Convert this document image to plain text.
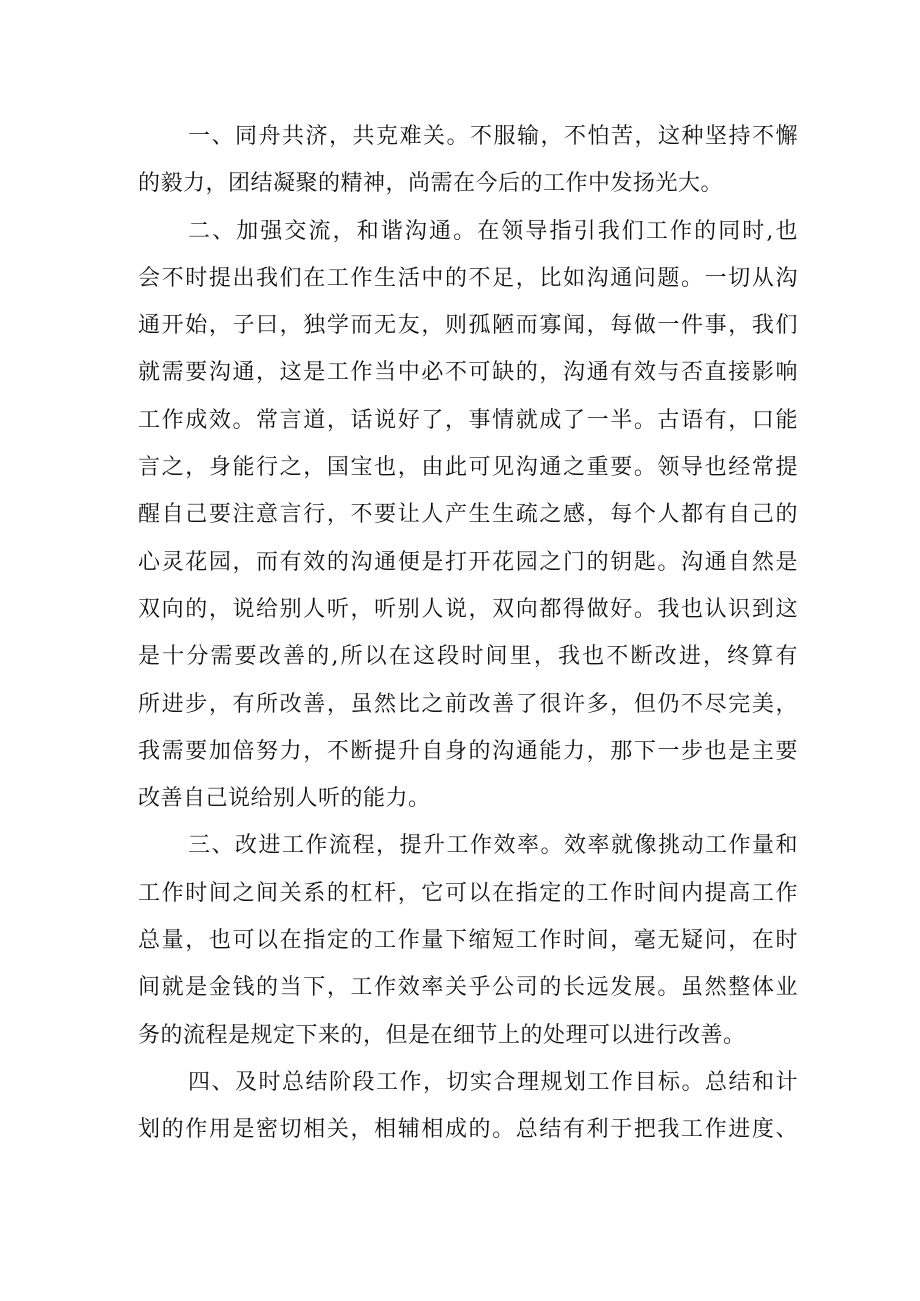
一、同舟共济，共克难关。不服输，不怕苦，这种坚持不懈
的毅力，团结凝聚的精神，尚需在今后的工作中发扬光大。
二、加强交流，和谐沟通。在领导指引我们工作的同时,也
会不时提出我们在工作生活中的不足，比如沟通问题。一切从沟
通开始，子曰，独学而无友，则孤陋而寡闻，每做一件事，我们
就需要沟通，这是工作当中必不可缺的，沟通有效与否直接影响
工作成效。常言道，话说好了，事情就成了一半。古语有，口能
言之，身能行之，国宝也，由此可见沟通之重要。领导也经常提
醒自己要注意言行，不要让人产生生疏之感，每个人都有自己的
心灵花园，而有效的沟通便是打开花园之门的钥匙。沟通自然是
双向的，说给别人听，听别人说，双向都得做好。我也认识到这
是十分需要改善的,所以在这段时间里，我也不断改进，终算有
所进步，有所改善，虽然比之前改善了很许多，但仍不尽完美，
我需要加倍努力，不断提升自身的沟通能力，那下一步也是主要
改善自己说给别人听的能力。
三、改进工作流程，提升工作效率。效率就像挑动工作量和
工作时间之间关系的杠杆，它可以在指定的工作时间内提高工作
总量，也可以在指定的工作量下缩短工作时间，毫无疑问，在时
间就是金钱的当下，工作效率关乎公司的长远发展。虽然整体业
务的流程是规定下来的，但是在细节上的处理可以进行改善。
四、及时总结阶段工作，切实合理规划工作目标。总结和计
划的作用是密切相关，相辅相成的。总结有利于把我工作进度、
